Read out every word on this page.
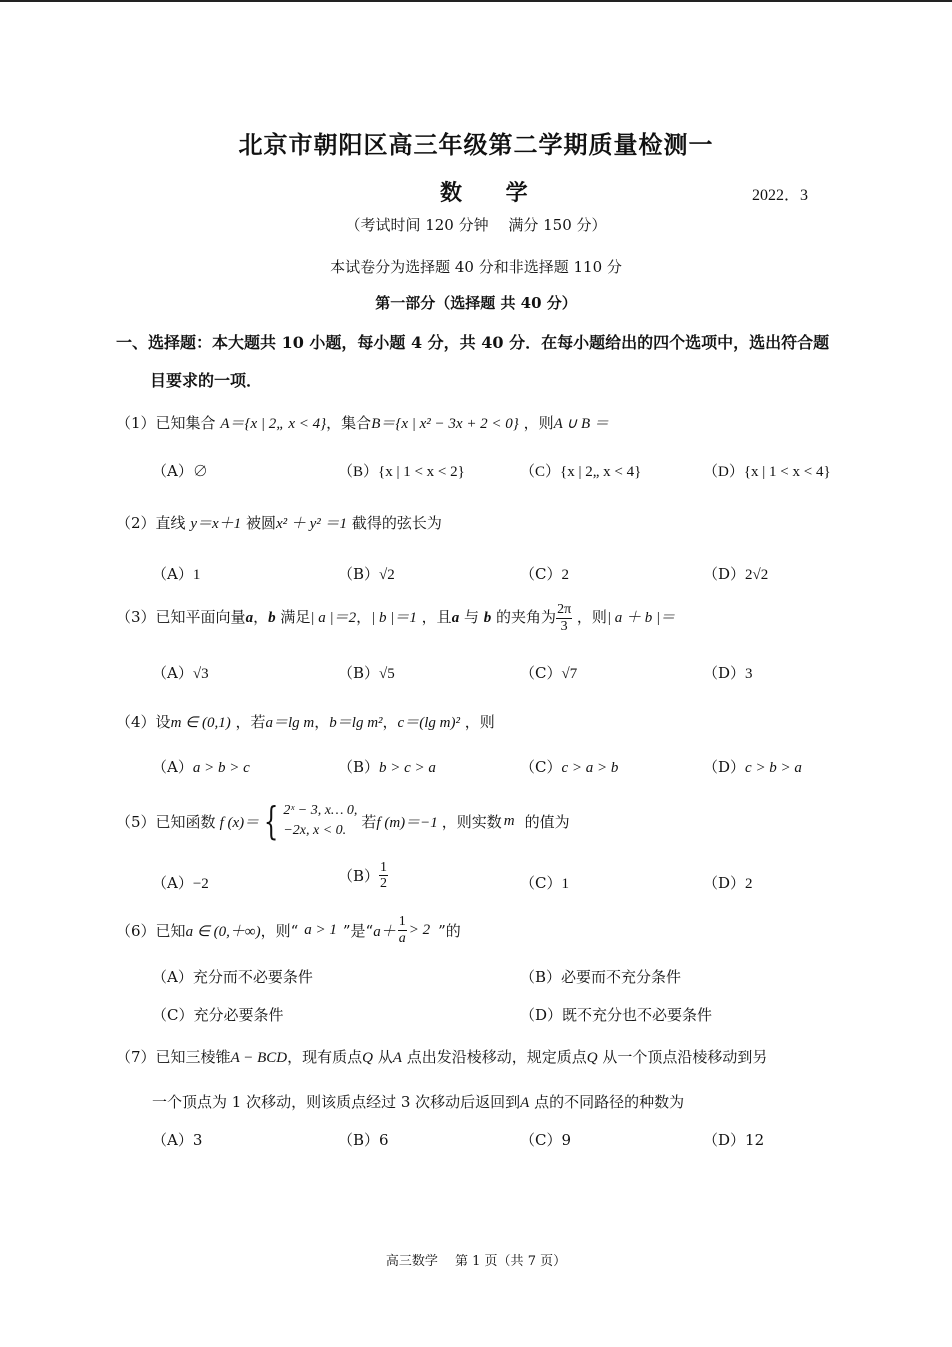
北京市朝阳区高三年级第二学期质量检测一
数 学	2022．3
（考试时间 120 分钟　 满分 150 分）
本试卷分为选择题 40 分和非选择题 110 分
第一部分（选择题 共 40 分）
一、选择题：本大题共 10 小题，每小题 4 分，共 40 分．在每小题给出的四个选项中，选出符合题
目要求的一项．
（1）已知集合 A＝{x | 2„ x < 4}，集合B＝{x | x² − 3x + 2 < 0} ，则A ∪ B ＝
（A）∅	（B）{x | 1 < x < 2}	（C）{x | 2„ x < 4}	（D）{x | 1 < x < 4}
（2）直线 y＝x＋1 被圆x² ＋ y² ＝1 截得的弦长为
（A）1	（B）√2	（C）2	（D）2√2
（3）已知平面向量a，b 满足| a |＝2，| b |＝1 ，且a 与 b 的夹角为 $\frac{2\pi}{3}$ ，则| a ＋ b |＝
（A）√3	（B）√5	（C）√7	（D）3
（4）设m ∈ (0,1) ，若a＝lg m，b＝lg m²，c＝(lg m)² ，则
（A）a > b > c	（B）b > c > a	（C）c > a > b	（D）c > b > a
（5） 已知函数 f (x)＝ { 2ˣ − 3, x… 0,
−2x, x < 0.	若 f (m)＝−1 ，则实数 m 的值为
（A）−2	$(B) \frac{1}{2}$	（C）1	（D）2
（6） 已知 a ∈ (0,＋∞) ，则“ a > 1 ”是“ $a+ \frac{1}{a} > 2$ ”的
（A）充分而不必要条件	（B）必要而不充分条件
（C）充分必要条件	（D）既不充分也不必要条件
（7）已知三棱锥A − BCD，现有质点Q 从A 点出发沿棱移动，规定质点Q 从一个顶点沿棱移动到另
一个顶点为 1 次移动，则该质点经过 3 次移动后返回到A 点的不同路径的种数为
（A）3	（B）6	（C）9	（D）12
高三数学　 第 1 页（共 7 页）
